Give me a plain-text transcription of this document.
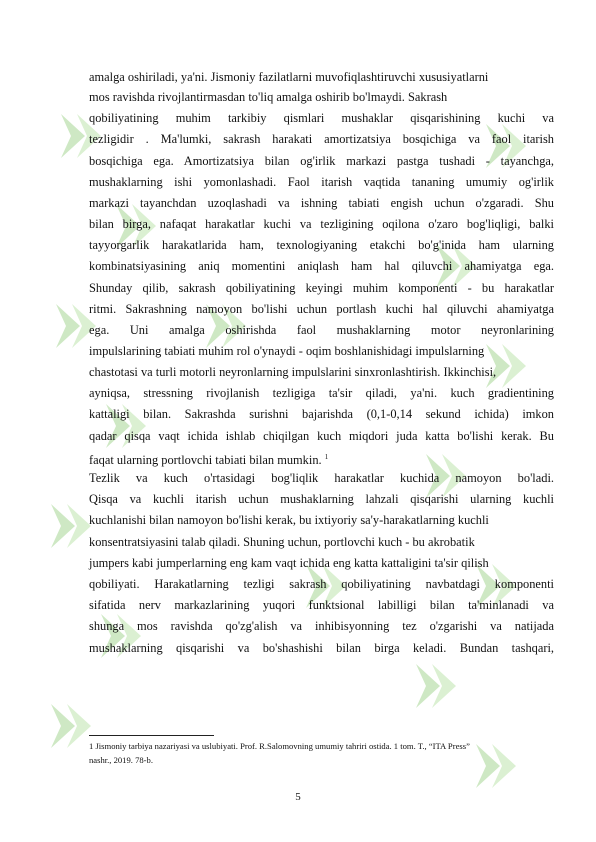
amalga oshiriladi, ya'ni. Jismoniy fazilatlarni muvofiqlashtiruvchi xususiyatlarni
mos ravishda rivojlantirmasdan to'liq amalga oshirib bo'lmaydi. Sakrash
qobiliyatining muhim tarkibiy qismlari mushaklar qisqarishining kuchi va
tezligidir . Ma'lumki, sakrash harakati amortizatsiya bosqichiga va faol itarish
bosqichiga ega. Amortizatsiya bilan og'irlik markazi pastga tushadi - tayanchga,
mushaklarning ishi yomonlashadi. Faol itarish vaqtida tananing umumiy og'irlik
markazi tayanchdan uzoqlashadi va ishning tabiati engish uchun o'zgaradi. Shu
bilan birga, nafaqat harakatlar kuchi va tezligining oqilona o'zaro bog'liqligi, balki
tayyorgarlik harakatlarida ham, texnologiyaning etakchi bo'g'inida ham ularning
kombinatsiyasining aniq momentini aniqlash ham hal qiluvchi ahamiyatga ega.
Shunday qilib, sakrash qobiliyatining keyingi muhim komponenti - bu harakatlar
ritmi. Sakrashning namoyon bo'lishi uchun portlash kuchi hal qiluvchi ahamiyatga
ega. Uni amalga oshirishda faol mushaklarning motor neyronlarining
impulslarining tabiati muhim rol o'ynaydi - oqim boshlanishidagi impulslarning
chastotasi va turli motorli neyronlarning impulslarini sinxronlashtirish. Ikkinchisi,
ayniqsa, stressning rivojlanish tezligiga ta'sir qiladi, ya'ni. kuch gradientining
kattaligi bilan. Sakrashda surishni bajarishda (0,1-0,14 sekund ichida) imkon
qadar qisqa vaqt ichida ishlab chiqilgan kuch miqdori juda katta bo'lishi kerak. Bu
faqat ularning portlovchi tabiati bilan mumkin. $^1$
Tezlik va kuch o'rtasidagi bog'liqlik harakatlar kuchida namoyon bo'ladi.
Qisqa va kuchli itarish uchun mushaklarning lahzali qisqarishi ularning kuchli
kuchlanishi bilan namoyon bo'lishi kerak, bu ixtiyoriy sa'y-harakatlarning kuchli
konsentratsiyasini talab qiladi. Shuning uchun, portlovchi kuch - bu akrobatik
jumpers kabi jumperlarning eng kam vaqt ichida eng katta kattaligini ta'sir qilish
qobiliyati. Harakatlarning tezligi sakrash qobiliyatining navbatdagi komponenti
sifatida nerv markazlarining yuqori funktsional labilligi bilan ta'minlanadi va
shunga mos ravishda qo'zg'alish va inhibisyonning tez o'zgarishi va natijada
mushaklarning qisqarishi va bo'shashishi bilan birga keladi. Bundan tashqari,
1 Jismoniy tarbiya nazariyasi va uslubiyati. Prof. R.Salomovning umumiy tahriri ostida. 1 tom. T., “ITA Press”
nashr., 2019. 78-b.
5
